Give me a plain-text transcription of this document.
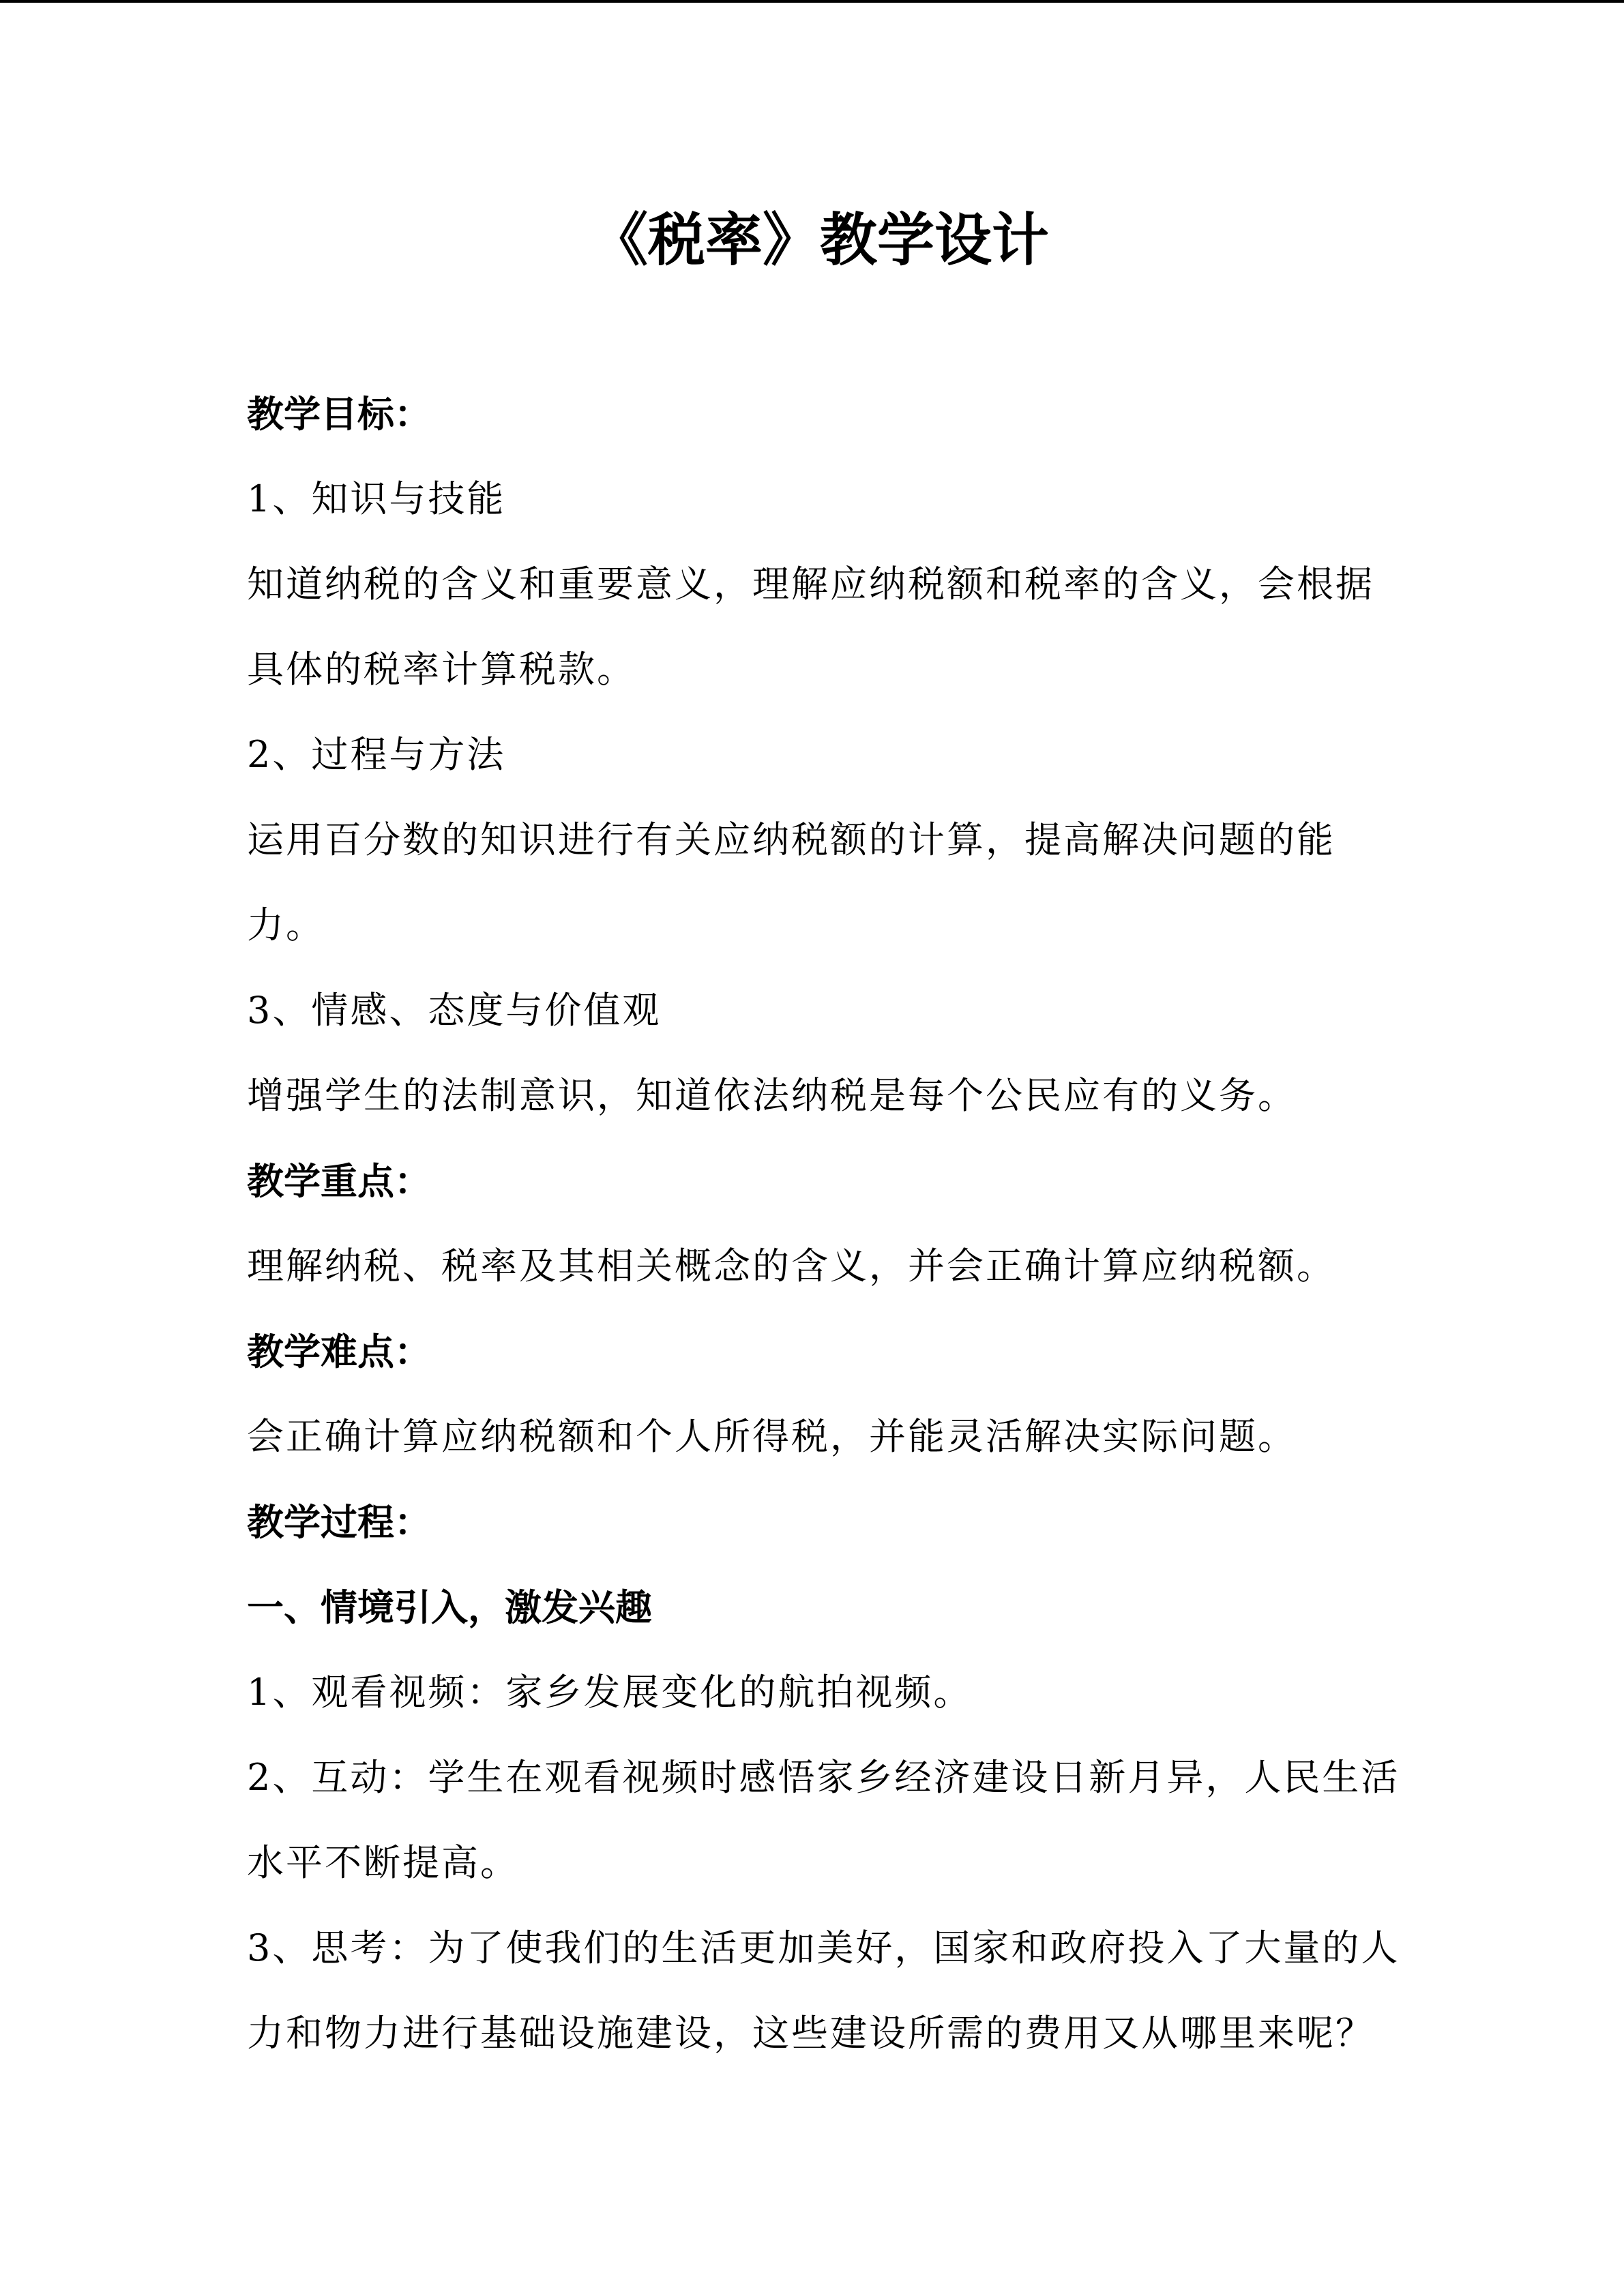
《税率》教学设计
教学目标：
1、知识与技能
知道纳税的含义和重要意义，理解应纳税额和税率的含义，会根据
具体的税率计算税款。
2、过程与方法
运用百分数的知识进行有关应纳税额的计算，提高解决问题的能
力。
3、情感、态度与价值观
增强学生的法制意识，知道依法纳税是每个公民应有的义务。
教学重点：
理解纳税、税率及其相关概念的含义，并会正确计算应纳税额。
教学难点：
会正确计算应纳税额和个人所得税，并能灵活解决实际问题。
教学过程：
一、情境引入，激发兴趣
1、观看视频：家乡发展变化的航拍视频。
2、互动：学生在观看视频时感悟家乡经济建设日新月异，人民生活
水平不断提高。
3、思考：为了使我们的生活更加美好，国家和政府投入了大量的人
力和物力进行基础设施建设，这些建设所需的费用又从哪里来呢？
